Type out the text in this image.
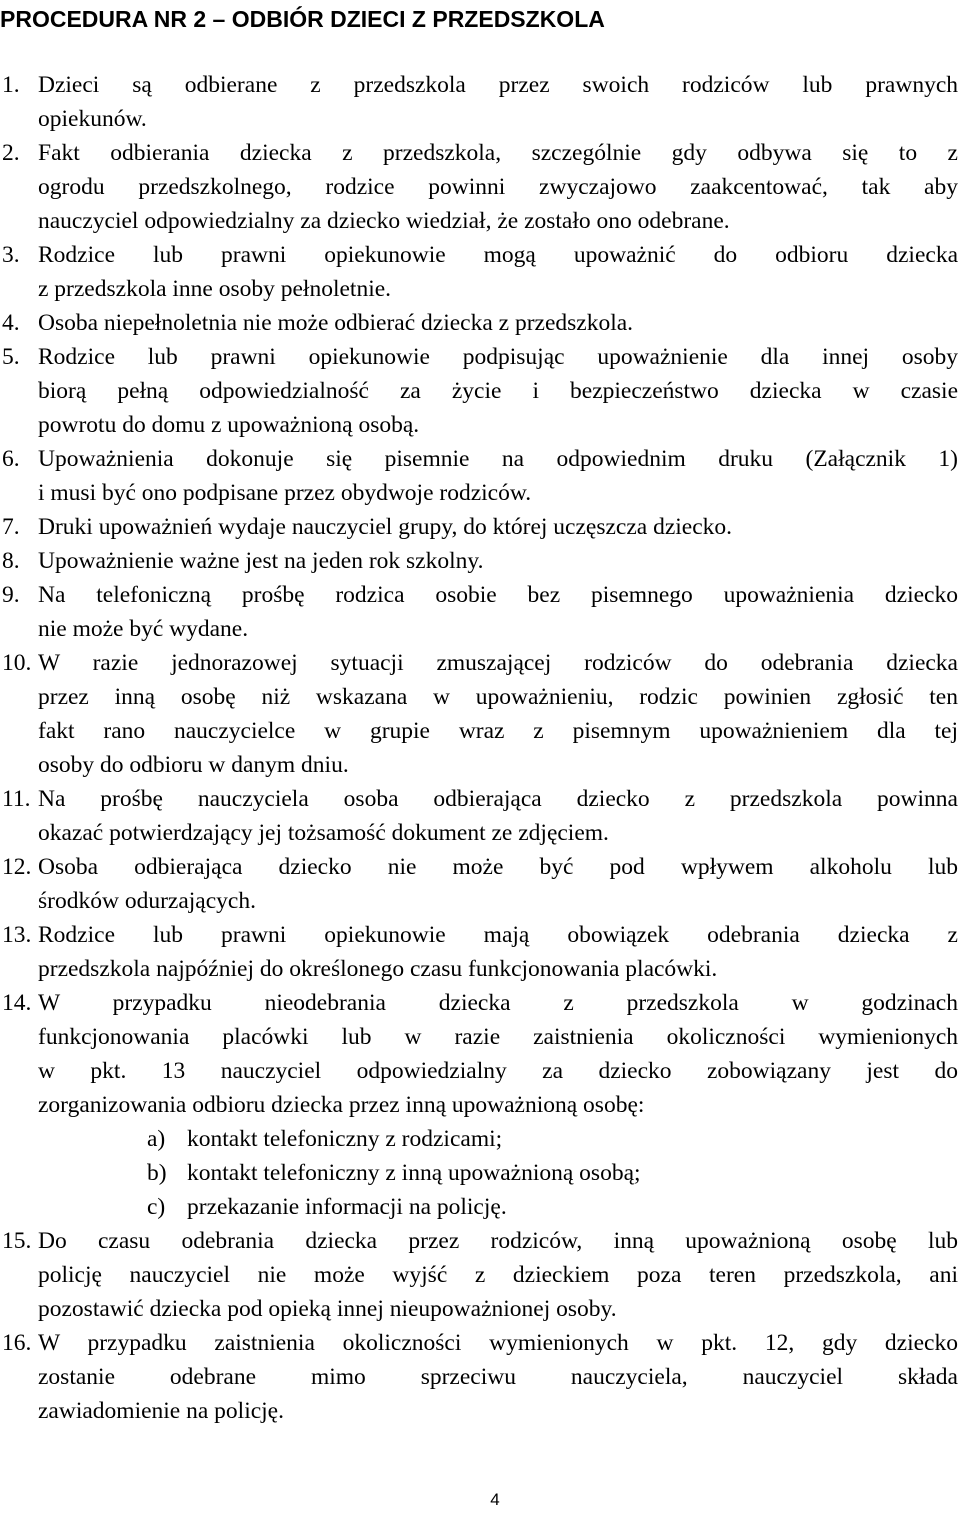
PROCEDURA NR 2 – ODBIÓR DZIECI Z PRZEDSZKOLA
1. Dzieci są odbierane z przedszkola przez swoich rodziców lub prawnych
opiekunów.
2. Fakt odbierania dziecka z przedszkola, szczególnie gdy odbywa się to z
ogrodu przedszkolnego, rodzice powinni zwyczajowo zaakcentować, tak aby
nauczyciel odpowiedzialny za dziecko wiedział, że zostało ono odebrane.
3. Rodzice lub prawni opiekunowie mogą upoważnić do odbioru dziecka
z przedszkola inne osoby pełnoletnie.
4. Osoba niepełnoletnia nie może odbierać dziecka z przedszkola.
5. Rodzice lub prawni opiekunowie podpisując upoważnienie dla innej osoby
biorą pełną odpowiedzialność za życie i bezpieczeństwo dziecka w czasie
powrotu do domu z upoważnioną osobą.
6. Upoważnienia dokonuje się pisemnie na odpowiednim druku (Załącznik 1)
i musi być ono podpisane przez obydwoje rodziców.
7. Druki upoważnień wydaje nauczyciel grupy, do której uczęszcza dziecko.
8. Upoważnienie ważne jest na jeden rok szkolny.
9. Na telefoniczną prośbę rodzica osobie bez pisemnego upoważnienia dziecko
nie może być wydane.
10. W razie jednorazowej sytuacji zmuszającej rodziców do odebrania dziecka
przez inną osobę niż wskazana w upoważnieniu, rodzic powinien zgłosić ten
fakt rano nauczycielce w grupie wraz z pisemnym upoważnieniem dla tej
osoby do odbioru w danym dniu.
11. Na prośbę nauczyciela osoba odbierająca dziecko z przedszkola powinna
okazać potwierdzający jej tożsamość dokument ze zdjęciem.
12. Osoba odbierająca dziecko nie może być pod wpływem alkoholu lub
środków odurzających.
13. Rodzice lub prawni opiekunowie mają obowiązek odebrania dziecka z
przedszkola najpóźniej do określonego czasu funkcjonowania placówki.
14. W przypadku nieodebrania dziecka z przedszkola w godzinach
funkcjonowania placówki lub w razie zaistnienia okoliczności wymienionych
w pkt. 13 nauczyciel odpowiedzialny za dziecko zobowiązany jest do
zorganizowania odbioru dziecka przez inną upoważnioną osobę:
a) kontakt telefoniczny z rodzicami;
b) kontakt telefoniczny z inną upoważnioną osobą;
c) przekazanie informacji na policję.
15. Do czasu odebrania dziecka przez rodziców, inną upoważnioną osobę lub
policję nauczyciel nie może wyjść z dzieckiem poza teren przedszkola, ani
pozostawić dziecka pod opieką innej nieupoważnionej osoby.
16. W przypadku zaistnienia okoliczności wymienionych w pkt. 12, gdy dziecko
zostanie odebrane mimo sprzeciwu nauczyciela, nauczyciel składa
zawiadomienie na policję.
4
